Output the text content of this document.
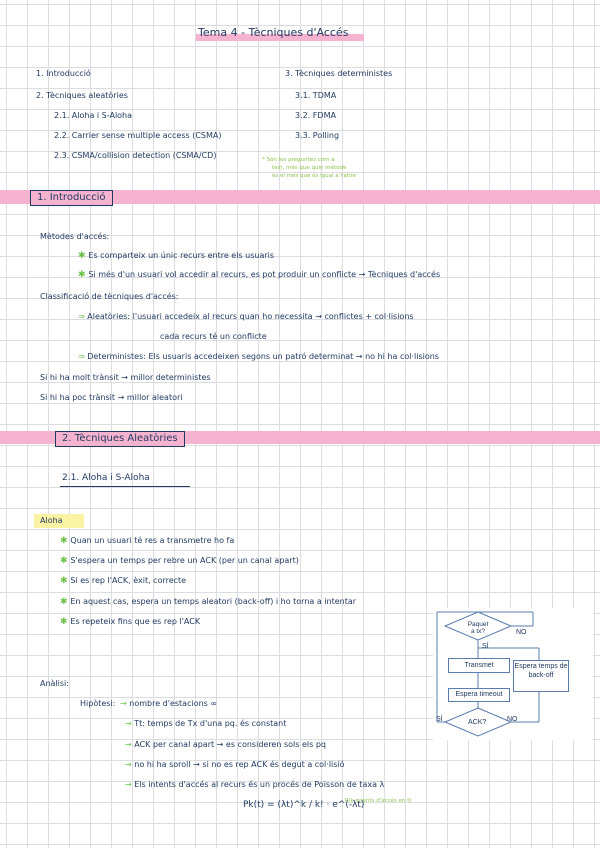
Tema 4 - Tècniques d'Accés
1. Introducció
2. Tècniques aleatòries
2.1. Aloha i S-Aloha
2.2. Carrier sense multiple access (CSMA)
2.3. CSMA/collision detection (CSMA/CD)
3. Tècniques deterministes
3.1. TDMA
3.2. FDMA
3.3. Polling
* Són les preguntes com a
test, més que quin mètode
es el més que és igual a l'altre
1. Introducció
Mètodes d'accés:
✱ Es comparteix un únic recurs entre els usuaris
✱ Si més d'un usuari vol accedir al recurs, es pot produir un conflicte → Tècniques d'accés
Classificació de tècniques d'accés:
⇒ Aleatòries: l'usuari accedeix al recurs quan ho necessita → conflictes + col·lisions
cada recurs té un conflicte
⇒ Deterministes: Els usuaris accedeixen segons un patró determinat → no hi ha col·lisions
Si hi ha molt trànsit → millor deterministes
Si hi ha poc trànsit → millor aleatori
2. Tècniques Aleatòries
2.1. Aloha i S-Aloha
Aloha
✱ Quan un usuari té res a transmetre ho fa
✱ S'espera un temps per rebre un ACK (per un canal apart)
✱ Si es rep l'ACK, èxit, correcte
✱ En aquest cas, espera un temps aleatori (back-off) i ho torna a intentar
✱ Es repeteix fins que es rep l'ACK	Paquet a tx?	NO
SÍ
Transmet	Espera temps de back-off
Espera timeout
ACK?
SÍ	NO
Anàlisi:
Hipòtesi: → nombre d'estacions ∞
→ Tt: temps de Tx d'una pq. és constant
→ ACK per canal apart → es consideren sols els pq
→ no hi ha soroll → si no es rep ACK és degut a col·lisió
→ Els intents d'accés al recurs és un procés de Poisson de taxa λ
Pk(t) = (λt)^k / k! · e^(-λt)
P(k intents d'accés en t)
